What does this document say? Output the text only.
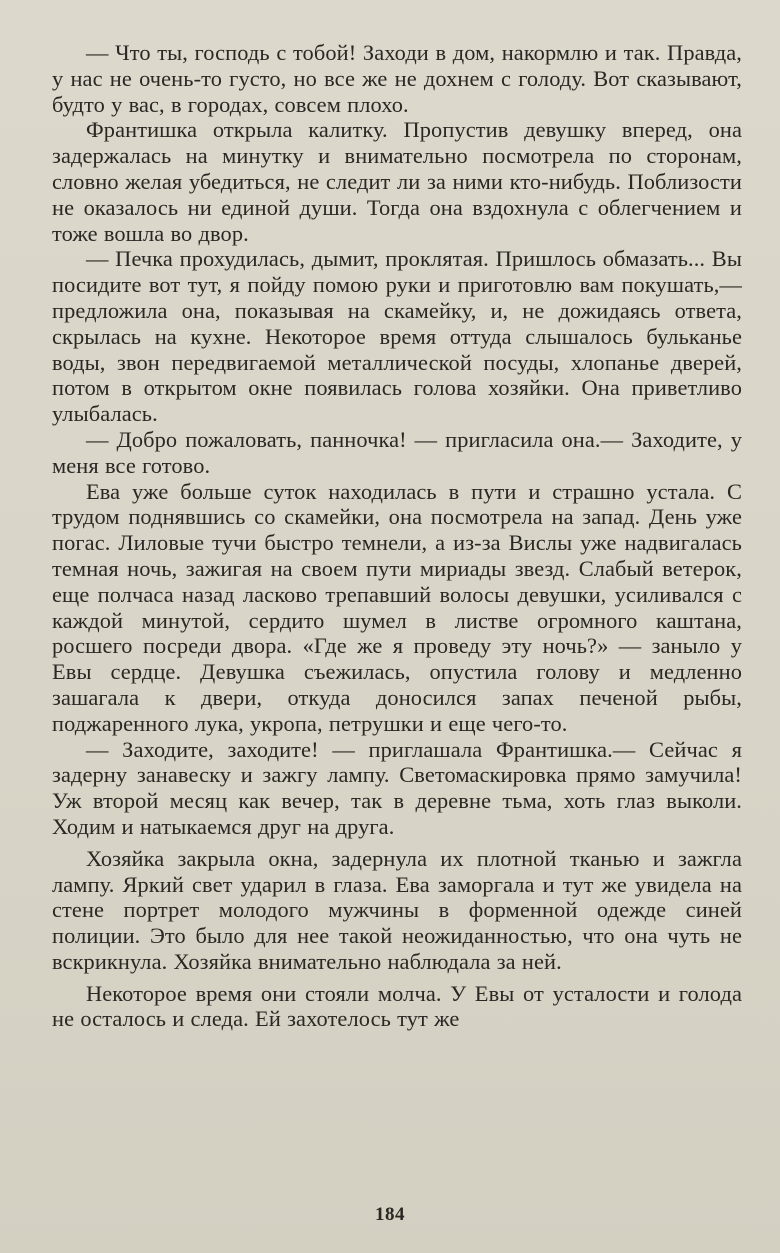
— Что ты, господь с тобой! Заходи в дом, накормлю и так. Правда, у нас не очень-то густо, но все же не дохнем с голоду. Вот сказывают, будто у вас, в городах, совсем плохо.

Франтишка открыла калитку. Пропустив девушку вперед, она задержалась на минутку и внимательно посмотрела по сторонам, словно желая убедиться, не следит ли за ними кто-нибудь. Поблизости не оказалось ни единой души. Тогда она вздохнула с облегчением и тоже вошла во двор.

— Печка прохудилась, дымит, проклятая. Пришлось обмазать... Вы посидите вот тут, я пойду помою руки и приготовлю вам покушать,— предложила она, показывая на скамейку, и, не дожидаясь ответа, скрылась на кухне. Некоторое время оттуда слышалось бульканье воды, звон передвигаемой металлической посуды, хлопанье дверей, потом в открытом окне появилась голова хозяйки. Она приветливо улыбалась.

— Добро пожаловать, панночка! — пригласила она.— Заходите, у меня все готово.

Ева уже больше суток находилась в пути и страшно устала. С трудом поднявшись со скамейки, она посмотрела на запад. День уже погас. Лиловые тучи быстро темнели, а из-за Вислы уже надвигалась темная ночь, зажигая на своем пути мириады звезд. Слабый ветерок, еще полчаса назад ласково трепавший волосы девушки, усиливался с каждой минутой, сердито шумел в листве огромного каштана, росшего посреди двора. «Где же я проведу эту ночь?» — заныло у Евы сердце. Девушка съежилась, опустила голову и медленно зашагала к двери, откуда доносился запах печеной рыбы, поджаренного лука, укропа, петрушки и еще чего-то.

— Заходите, заходите! — приглашала Франтишка.— Сейчас я задерну занавеску и зажгу лампу. Светомаскировка прямо замучила! Уж второй месяц как вечер, так в деревне тьма, хоть глаз выколи. Ходим и натыкаемся друг на друга.

Хозяйка закрыла окна, задернула их плотной тканью и зажгла лампу. Яркий свет ударил в глаза. Ева заморгала и тут же увидела на стене портрет молодого мужчины в форменной одежде синей полиции. Это было для нее такой неожиданностью, что она чуть не вскрикнула. Хозяйка внимательно наблюдала за ней.

Некоторое время они стояли молча. У Евы от усталости и голода не осталось и следа. Ей захотелось тут же

184
